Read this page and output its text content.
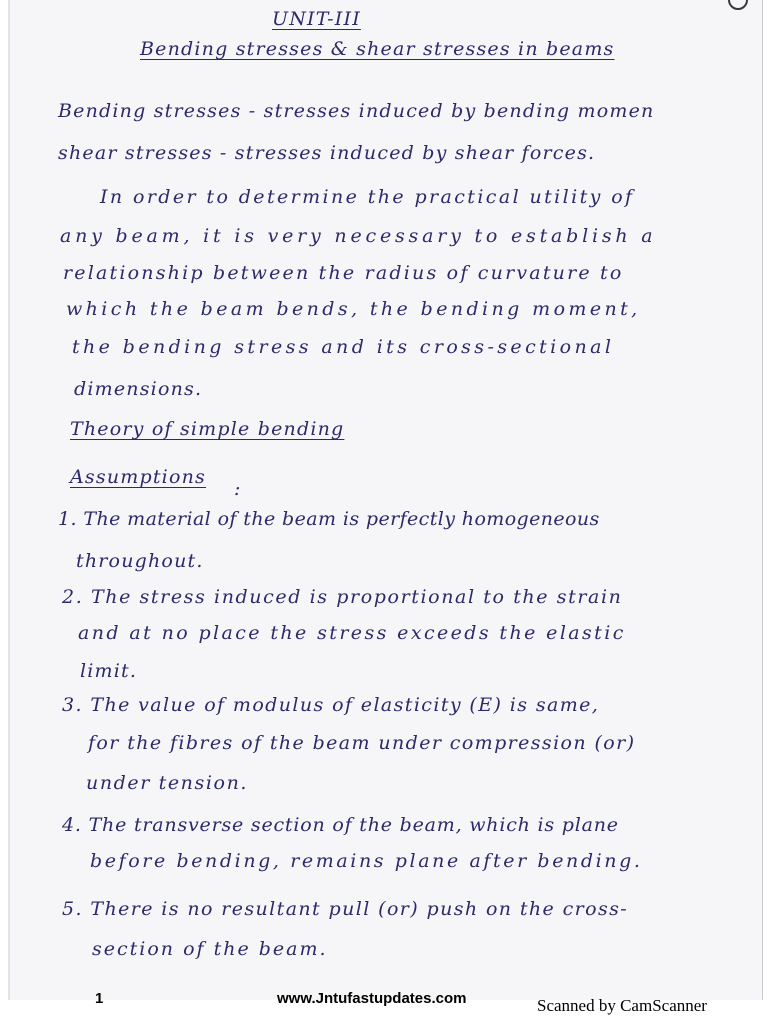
UNIT-III
Bending stresses & shear stresses in beams
Bending stresses - stresses induced by bending momen
shear stresses - stresses induced by shear forces.
In order to determine the practical utility of
any beam, it is very necessary to establish a
relationship between the radius of curvature to
which the beam bends, the bending moment,
the bending stress and its cross-sectional
dimensions.
Theory of simple bending
Assumptions
:
1. The material of the beam is perfectly homogeneous
throughout.
2. The stress induced is proportional to the strain
and at no place the stress exceeds the elastic
limit.
3. The value of modulus of elasticity (E) is same,
for the fibres of the beam under compression (or)
under tension.
4. The transverse section of the beam, which is plane
before bending, remains plane after bending.
5. There is no resultant pull (or) push on the cross-
section of the beam.
1	www.Jntufastupdates.com	Scanned by CamScanner
